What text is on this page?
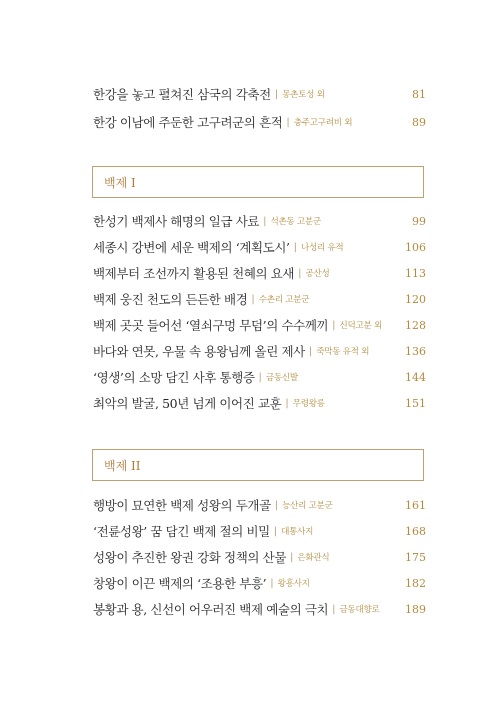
한강을 놓고 펼쳐진 삼국의 각축전 | 몽촌토성 외	81
한강 이남에 주둔한 고구려군의 흔적 | 충주고구려비 외	89
백제 I
한성기 백제사 해명의 일급 사료 | 석촌동 고분군	99
세종시 강변에 세운 백제의 ‘계획도시’ | 나성리 유적	106
백제부터 조선까지 활용된 천혜의 요새 | 공산성	113
백제 웅진 천도의 든든한 배경 | 수촌리 고분군	120
백제 곳곳 들어선 ‘열쇠구멍 무덤’의 수수께끼 | 신덕고분 외 128
바다와 연못, 우물 속 용왕님께 올린 제사 | 죽막동 유적 외	136
‘영생’의 소망 담긴 사후 통행증 | 금동신발	144
최악의 발굴, 50년 넘게 이어진 교훈 | 무령왕릉	151
백제 II
행방이 묘연한 백제 성왕의 두개골 | 능산리 고분군	161
‘전륜성왕’ 꿈 담긴 백제 절의 비밀 | 대통사지	168
성왕이 추진한 왕권 강화 정책의 산물 | 은화관식	175
창왕이 이끈 백제의 ‘조용한 부흥’ | 왕흥사지	182
봉황과 용, 신선이 어우러진 백제 예술의 극치 | 금동대향로 189
